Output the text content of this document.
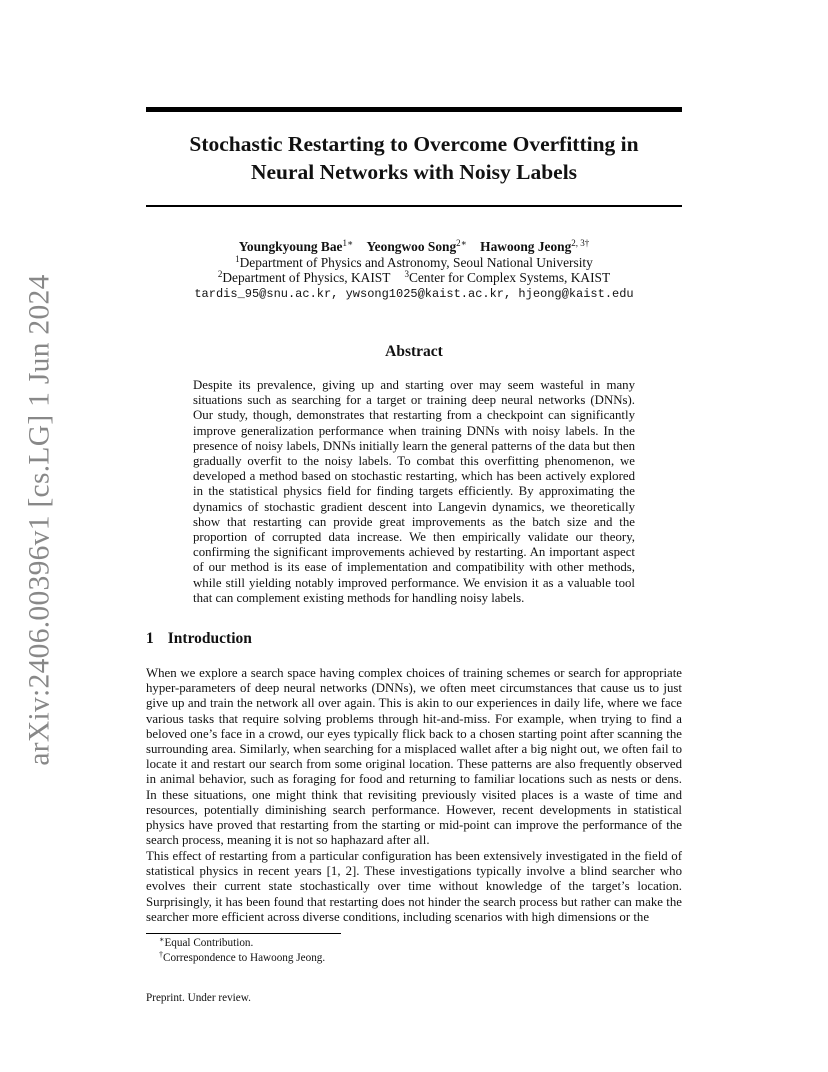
arXiv:2406.00396v1 [cs.LG] 1 Jun 2024
Stochastic Restarting to Overcome Overfitting in
Neural Networks with Noisy Labels
Youngkyoung Bae$^{1∗}$ Yeongwoo Song$^{2∗}$ Hawoong Jeong$^{2, 3\dagger}$
$^1$Department of Physics and Astronomy, Seoul National University
$^2$Department of Physics, KAIST $^3$Center for Complex Systems, KAIST
tardis_95@snu.ac.kr, ywsong1025@kaist.ac.kr, hjeong@kaist.edu
Abstract

Despite its prevalence, giving up and starting over may seem wasteful in many situations such as searching for a target or training deep neural networks (DNNs). Our study, though, demonstrates that restarting from a checkpoint can significantly improve generalization performance when training DNNs with noisy labels. In the presence of noisy labels, DNNs initially learn the general patterns of the data but then gradually overfit to the noisy labels. To combat this overfitting phenomenon, we developed a method based on stochastic restarting, which has been actively explored in the statistical physics field for finding targets efficiently. By approximating the dynamics of stochastic gradient descent into Langevin dynamics, we theoretically show that restarting can provide great improvements as the batch size and the proportion of corrupted data increase. We then empirically validate our theory, confirming the significant improvements achieved by restarting. An important aspect of our method is its ease of implementation and compatibility with other methods, while still yielding notably improved performance. We envision it as a valuable tool that can complement existing methods for handling noisy labels.

1 Introduction

When we explore a search space having complex choices of training schemes or search for appropriate hyper-parameters of deep neural networks (DNNs), we often meet circumstances that cause us to just give up and train the network all over again. This is akin to our experiences in daily life, where we face various tasks that require solving problems through hit-and-miss. For example, when trying to find a beloved one’s face in a crowd, our eyes typically flick back to a chosen starting point after scanning the surrounding area. Similarly, when searching for a misplaced wallet after a big night out, we often fail to locate it and restart our search from some original location. These patterns are also frequently observed in animal behavior, such as foraging for food and returning to familiar locations such as nests or dens. In these situations, one might think that revisiting previously visited places is a waste of time and resources, potentially diminishing search performance. However, recent developments in statistical physics have proved that restarting from the starting or mid-point can improve the performance of the search process, meaning it is not so haphazard after all.

This effect of restarting from a particular configuration has been extensively investigated in the field of statistical physics in recent years [1, 2]. These investigations typically involve a blind searcher who evolves their current state stochastically over time without knowledge of the target’s location. Surprisingly, it has been found that restarting does not hinder the search process but rather can make the searcher more efficient across diverse conditions, including scenarios with high dimensions or the

∗Equal Contribution.
†Correspondence to Hawoong Jeong.
Preprint. Under review.
